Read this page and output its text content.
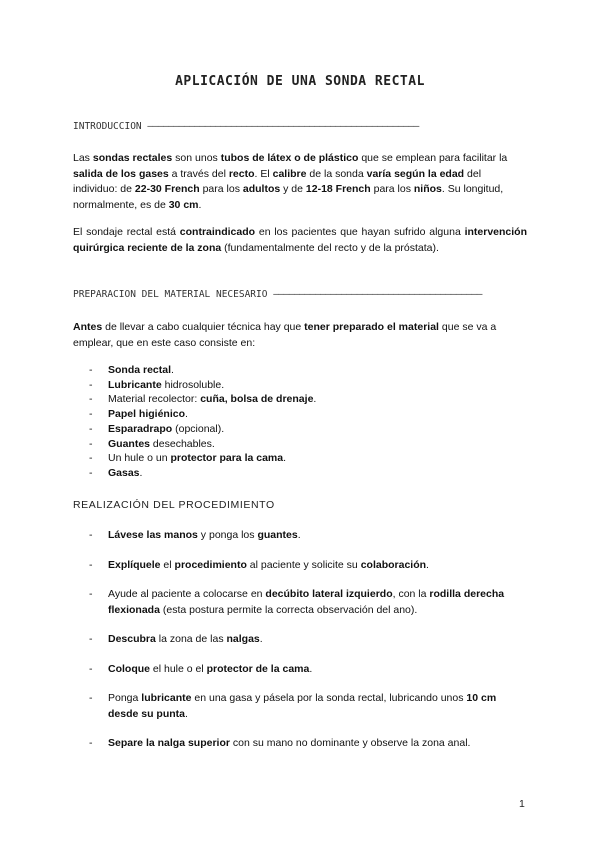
APLICACIÓN DE UNA SONDA RECTAL
INTRODUCCIÓN ––––––––––––––––––––––––––––––––––––––––––––––––––––

Las sondas rectales son unos tubos de látex o de plástico que se emplean para facilitar la salida de los gases a través del recto. El calibre de la sonda varía según la edad del individuo: de 22-30 French para los adultos y de 12-18 French para los niños. Su longitud, normalmente, es de 30 cm.

El sondaje rectal está contraindicado en los pacientes que hayan sufrido alguna intervención quirúrgica reciente de la zona (fundamentalmente del recto y de la próstata).

PREPARACIÓN DEL MATERIAL NECESARIO ––––––––––––––––––––––––––––––––––––––––

Antes de llevar a cabo cualquier técnica hay que tener preparado el material que se va a emplear, que en este caso consiste en:

- Sonda rectal.
- Lubricante hidrosoluble.
- Material recolector: cuña, bolsa de drenaje.
- Papel higiénico.
- Esparadrapo (opcional).
- Guantes desechables.
- Un hule o un protector para la cama.
- Gasas.
REALIZACIÓN DEL PROCEDIMIENTO
- Lávese las manos y ponga los guantes.
- Explíquele el procedimiento al paciente y solicite su colaboración.
- Ayude al paciente a colocarse en decúbito lateral izquierdo, con la rodilla derecha flexionada (esta postura permite la correcta observación del ano).
- Descubra la zona de las nalgas.
- Coloque el hule o el protector de la cama.
- Ponga lubricante en una gasa y pásela por la sonda rectal, lubricando unos 10 cm desde su punta.
- Separe la nalga superior con su mano no dominante y observe la zona anal.
1
